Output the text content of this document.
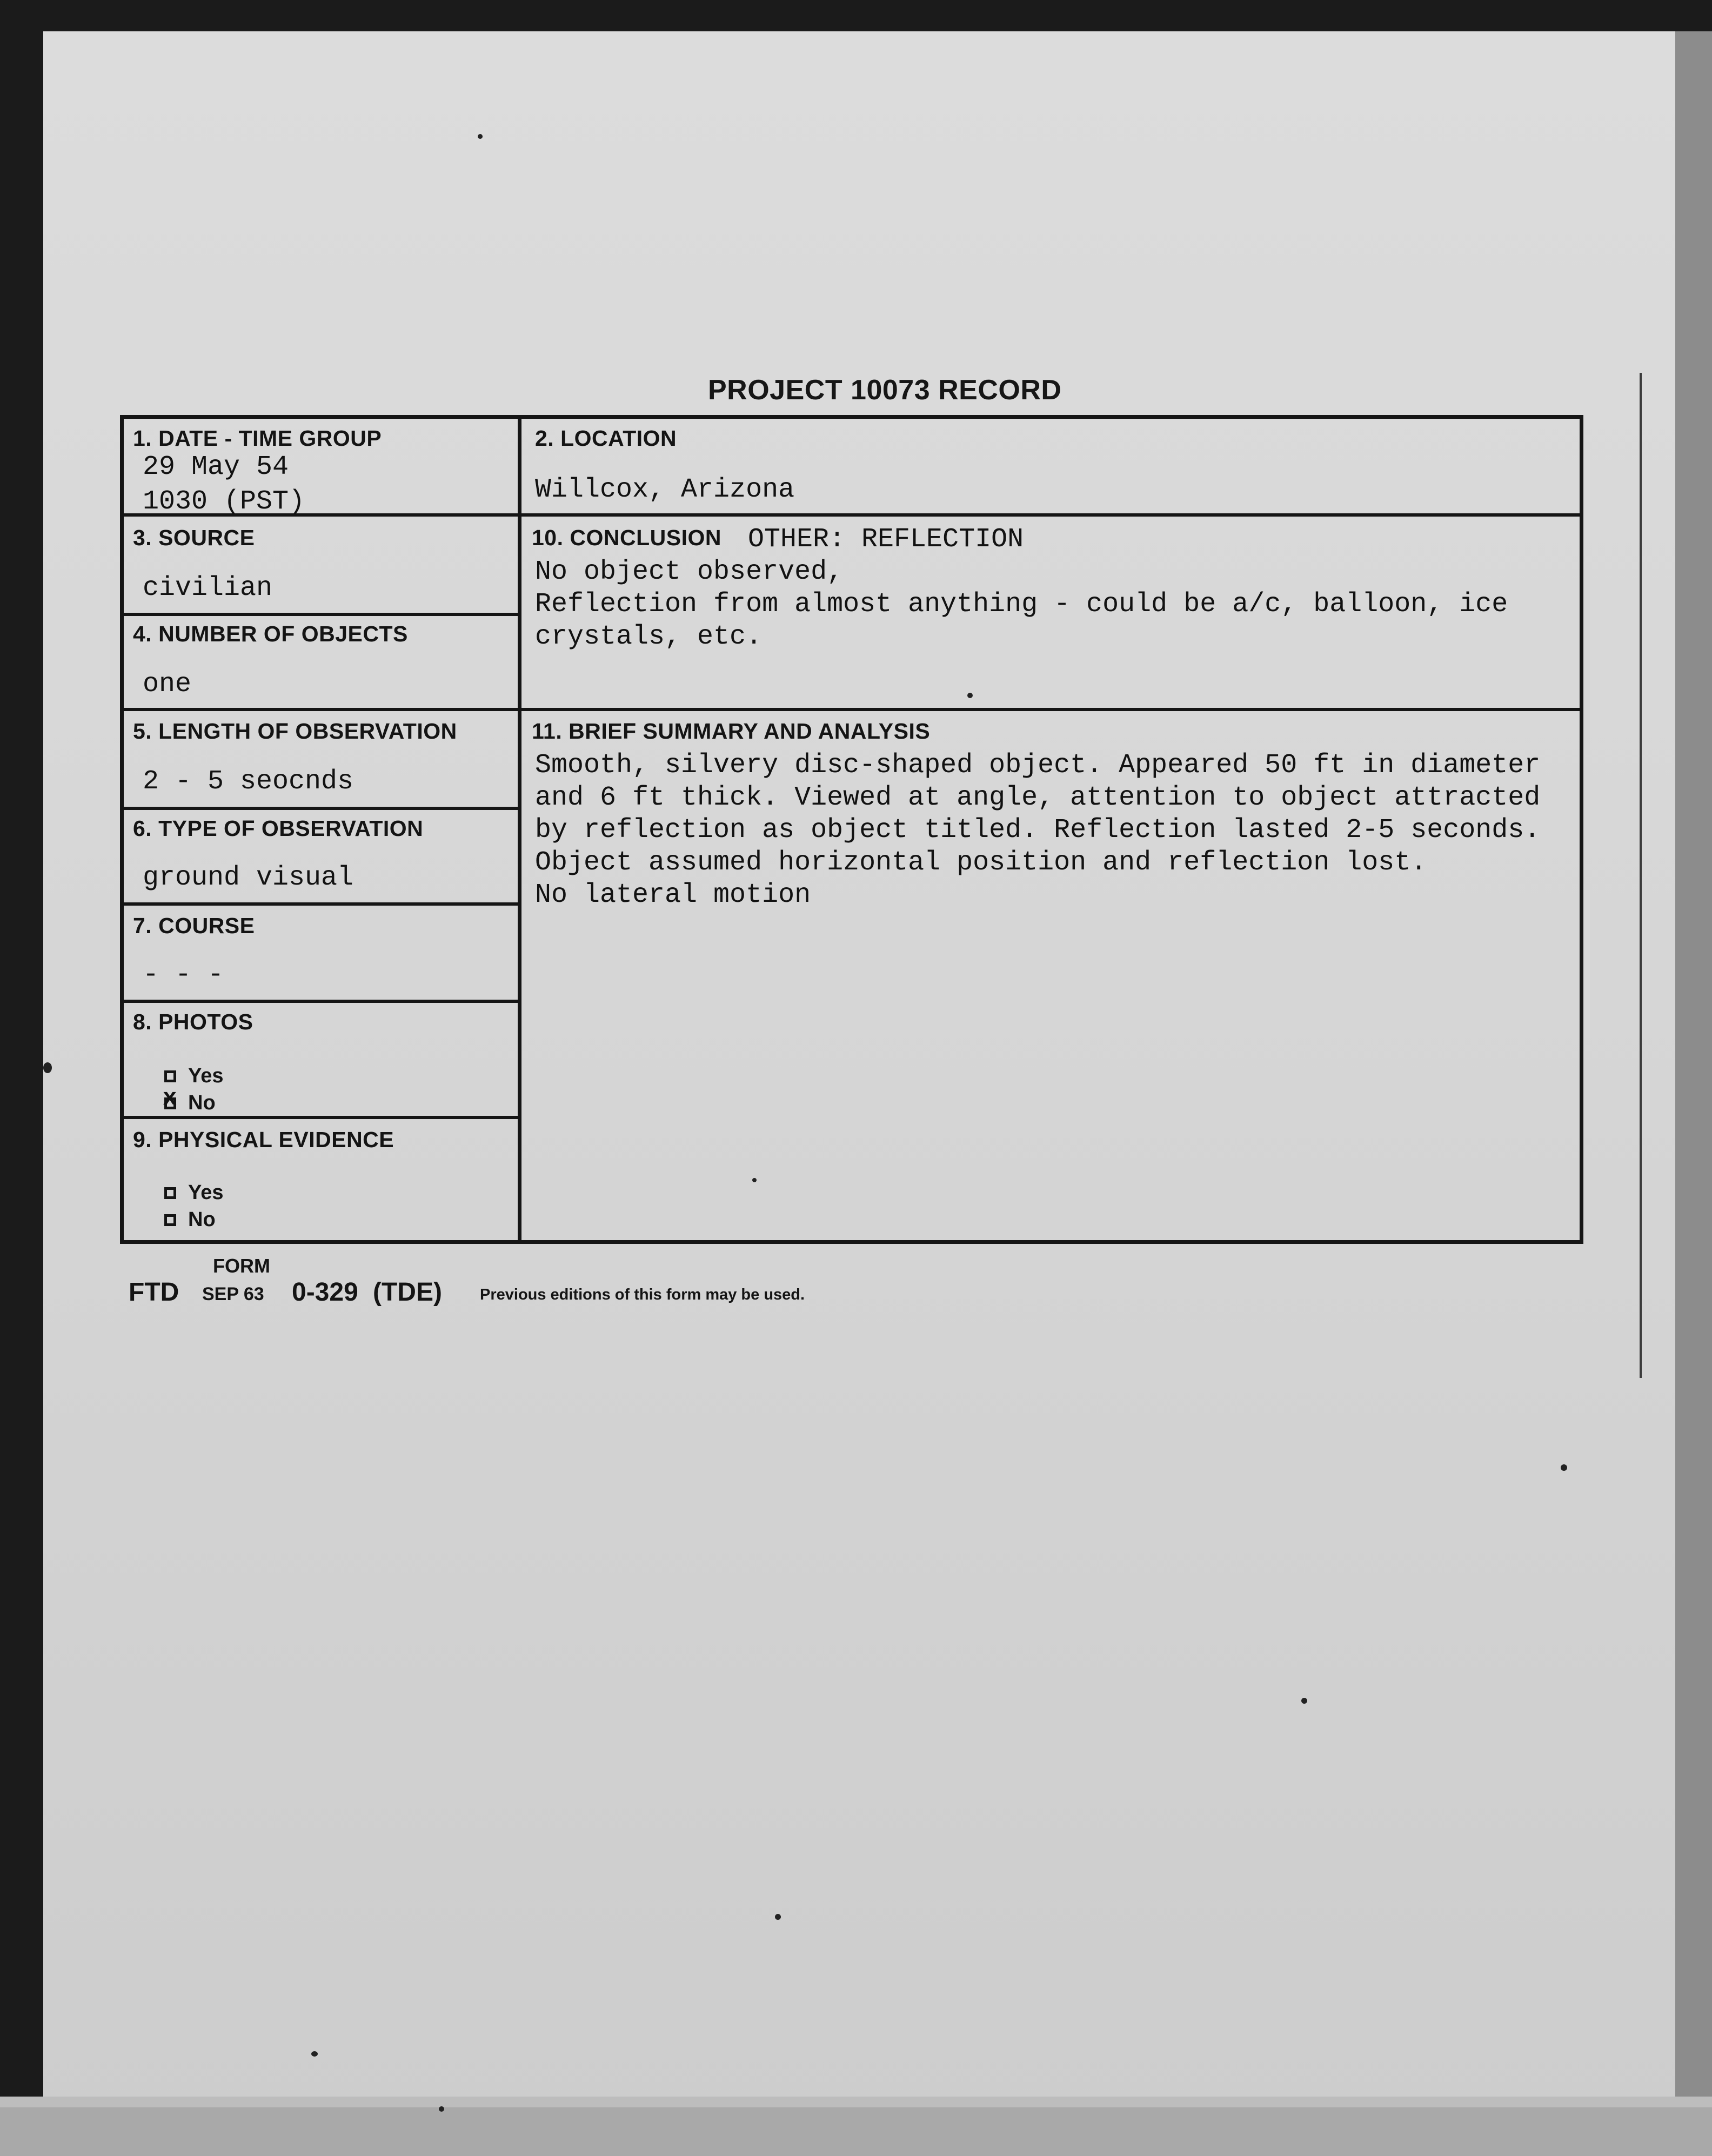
PROJECT 10073 RECORD
1. DATE - TIME GROUP
29 May 54
1030 (PST)
2. LOCATION
Willcox, Arizona
3. SOURCE
civilian
4. NUMBER OF OBJECTS
one
5. LENGTH OF OBSERVATION
2 - 5 seocnds
6. TYPE OF OBSERVATION
ground visual
7. COURSE
- - -
8. PHOTOS
Yes
x
No
9. PHYSICAL EVIDENCE
Yes
No
10. CONCLUSION OTHER: REFLECTION
No object observed,
Reflection from almost anything - could be a/c, balloon, ice
crystals, etc.
11. BRIEF SUMMARY AND ANALYSIS
Smooth, silvery disc-shaped object. Appeared 50 ft in diameter
and 6 ft thick. Viewed at angle, attention to object attracted
by reflection as object titled. Reflection lasted 2-5 seconds.
Object assumed horizontal position and reflection lost.
No lateral motion
FORM
FTD SEP 63 0-329 (TDE) Previous editions of this form may be used.
